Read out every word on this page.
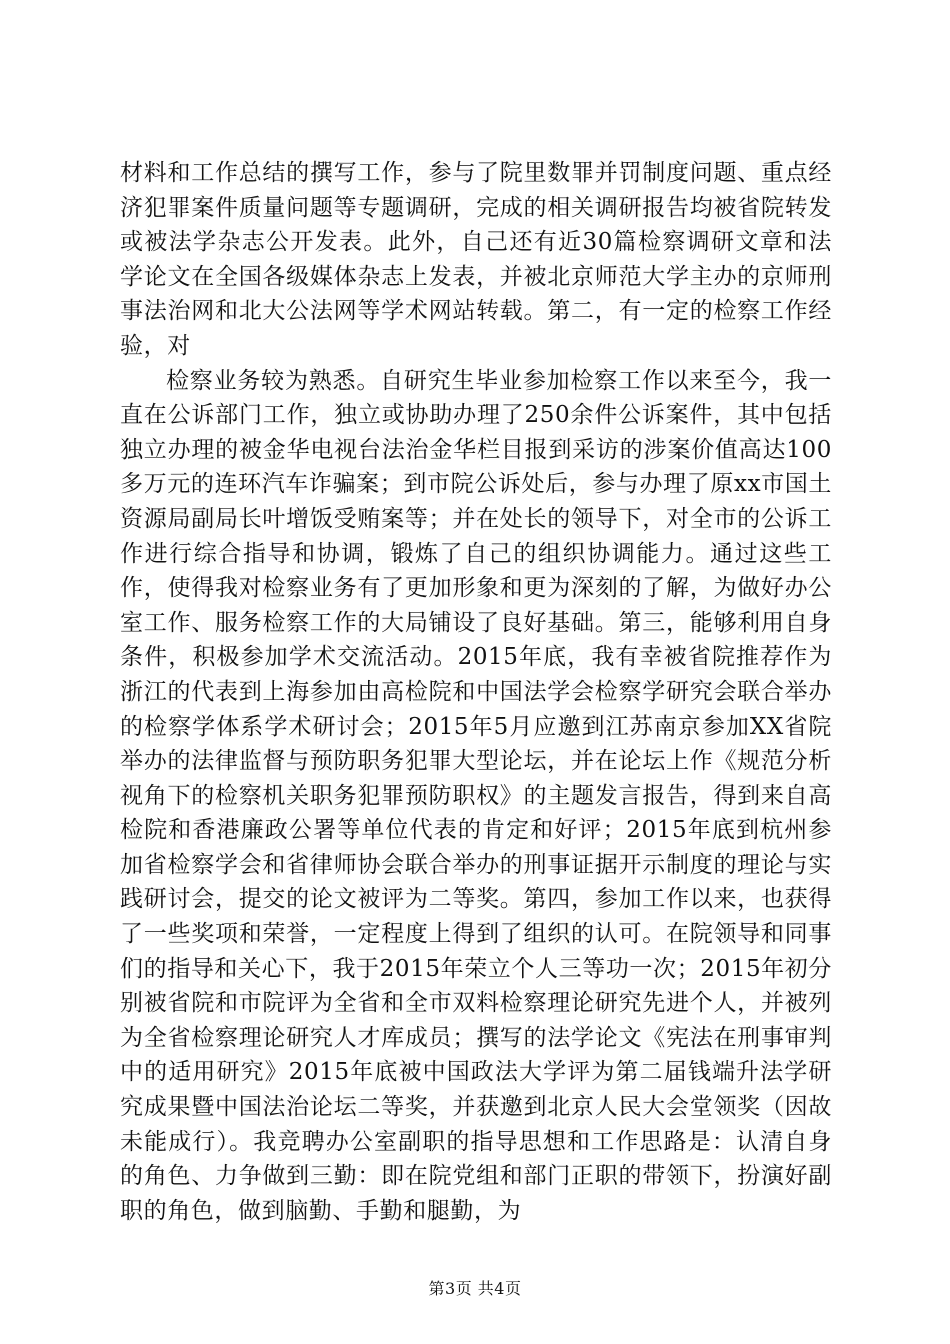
材料和工作总结的撰写工作，参与了院里数罪并罚制度问题、重点经济犯罪案件质量问题等专题调研，完成的相关调研报告均被省院转发或被法学杂志公开发表。此外，自己还有近30篇检察调研文章和法学论文在全国各级媒体杂志上发表，并被北京师范大学主办的京师刑事法治网和北大公法网等学术网站转载。第二，有一定的检察工作经验，对

检察业务较为熟悉。自研究生毕业参加检察工作以来至今，我一直在公诉部门工作，独立或协助办理了250余件公诉案件，其中包括独立办理的被金华电视台法治金华栏目报到采访的涉案价值高达100多万元的连环汽车诈骗案；到市院公诉处后，参与办理了原xx市国土资源局副局长叶增饭受贿案等；并在处长的领导下，对全市的公诉工作进行综合指导和协调，锻炼了自己的组织协调能力。通过这些工作，使得我对检察业务有了更加形象和更为深刻的了解，为做好办公室工作、服务检察工作的大局铺设了良好基础。第三，能够利用自身条件，积极参加学术交流活动。2015年底，我有幸被省院推荐作为浙江的代表到上海参加由高检院和中国法学会检察学研究会联合举办的检察学体系学术研讨会；2015年5月应邀到江苏南京参加XX省院举办的法律监督与预防职务犯罪大型论坛，并在论坛上作《规范分析视角下的检察机关职务犯罪预防职权》的主题发言报告，得到来自高检院和香港廉政公署等单位代表的肯定和好评；2015年底到杭州参加省检察学会和省律师协会联合举办的刑事证据开示制度的理论与实践研讨会，提交的论文被评为二等奖。第四，参加工作以来，也获得了一些奖项和荣誉，一定程度上得到了组织的认可。在院领导和同事们的指导和关心下，我于2015年荣立个人三等功一次；2015年初分别被省院和市院评为全省和全市双料检察理论研究先进个人，并被列为全省检察理论研究人才库成员；撰写的法学论文《宪法在刑事审判中的适用研究》2015年底被中国政法大学评为第二届钱端升法学研究成果暨中国法治论坛二等奖，并获邀到北京人民大会堂领奖（因故未能成行）。我竞聘办公室副职的指导思想和工作思路是：认清自身的角色、力争做到三勤：即在院党组和部门正职的带领下，扮演好副职的角色，做到脑勤、手勤和腿勤，为

第3页 共4页
